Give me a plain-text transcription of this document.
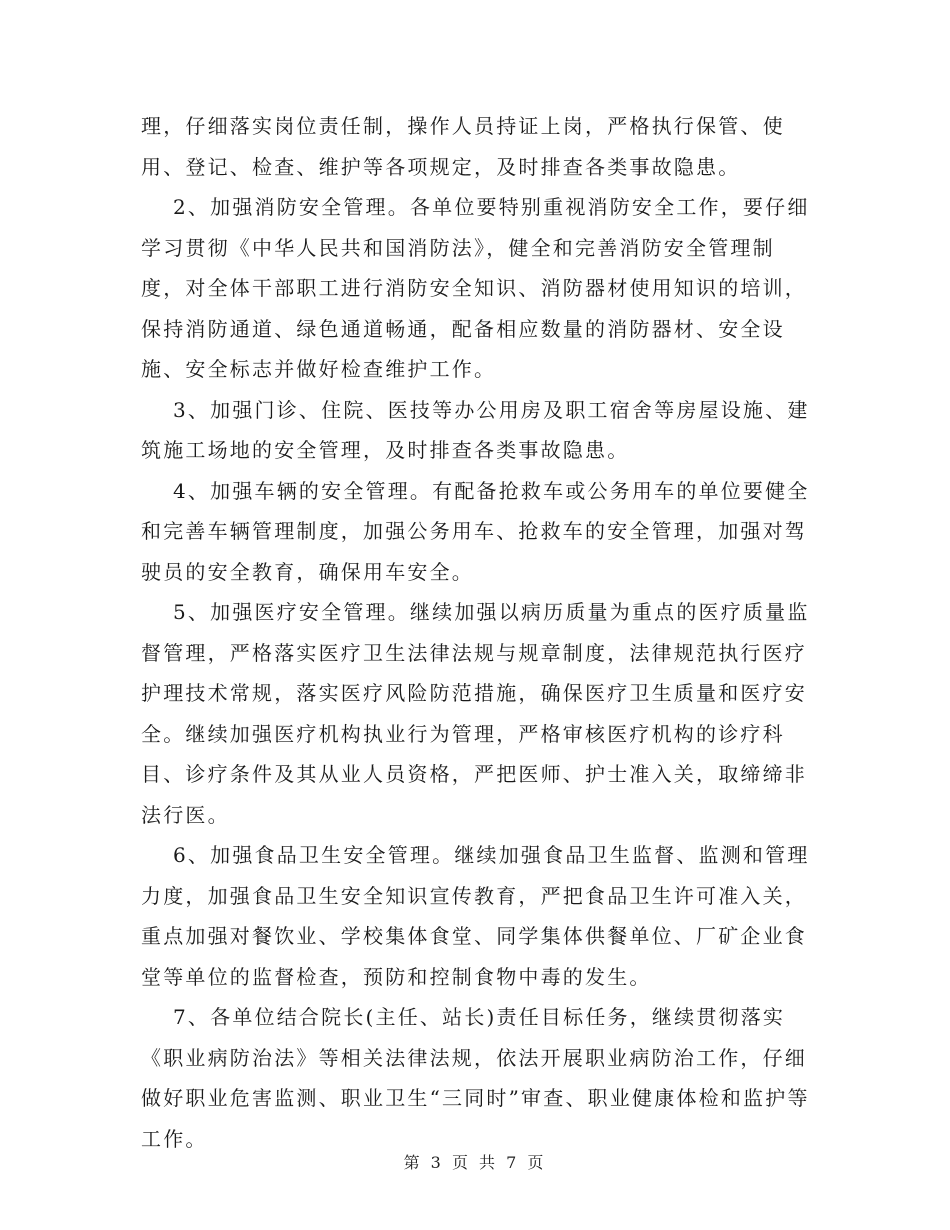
理，仔细落实岗位责任制，操作人员持证上岗，严格执行保管、使用、登记、检查、维护等各项规定，及时排查各类事故隐患。

2、加强消防安全管理。各单位要特别重视消防安全工作，要仔细学习贯彻《中华人民共和国消防法》，健全和完善消防安全管理制度，对全体干部职工进行消防安全知识、消防器材使用知识的培训，保持消防通道、绿色通道畅通，配备相应数量的消防器材、安全设施、安全标志并做好检查维护工作。

3、加强门诊、住院、医技等办公用房及职工宿舍等房屋设施、建筑施工场地的安全管理，及时排查各类事故隐患。

4、加强车辆的安全管理。有配备抢救车或公务用车的单位要健全和完善车辆管理制度，加强公务用车、抢救车的安全管理，加强对驾驶员的安全教育，确保用车安全。

5、加强医疗安全管理。继续加强以病历质量为重点的医疗质量监督管理，严格落实医疗卫生法律法规与规章制度，法律规范执行医疗护理技术常规，落实医疗风险防范措施，确保医疗卫生质量和医疗安全。继续加强医疗机构执业行为管理，严格审核医疗机构的诊疗科目、诊疗条件及其从业人员资格，严把医师、护士准入关，取缔缔非法行医。

6、加强食品卫生安全管理。继续加强食品卫生监督、监测和管理力度，加强食品卫生安全知识宣传教育，严把食品卫生许可准入关，重点加强对餐饮业、学校集体食堂、同学集体供餐单位、厂矿企业食堂等单位的监督检查，预防和控制食物中毒的发生。

7、各单位结合院长(主任、站长)责任目标任务，继续贯彻落实《职业病防治法》等相关法律法规，依法开展职业病防治工作，仔细做好职业危害监测、职业卫生“三同时”审查、职业健康体检和监护等工作。

第 3 页 共 7 页
